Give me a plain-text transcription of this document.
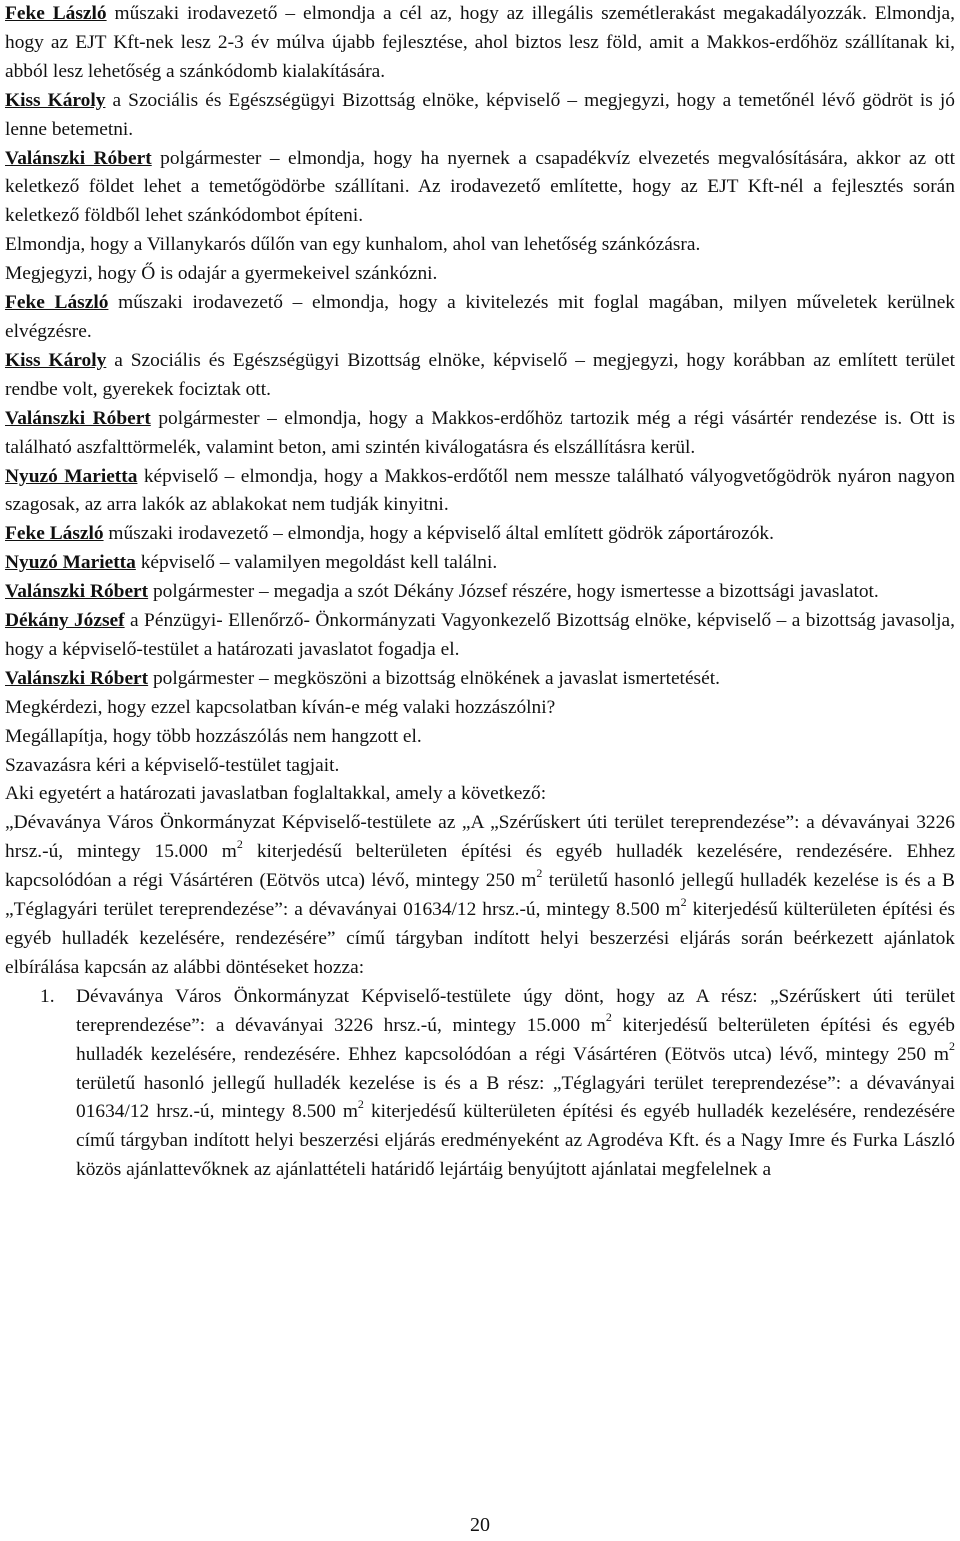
Feke László műszaki irodavezető – elmondja a cél az, hogy az illegális szemétlerakást megakadályozzák. Elmondja, hogy az EJT Kft-nek lesz 2-3 év múlva újabb fejlesztése, ahol biztos lesz föld, amit a Makkos-erdőhöz szállítanak ki, abból lesz lehetőség a szánkódomb kialakítására.

Kiss Károly a Szociális és Egészségügyi Bizottság elnöke, képviselő – megjegyzi, hogy a temetőnél lévő gödröt is jó lenne betemetni.

Valánszki Róbert polgármester – elmondja, hogy ha nyernek a csapadékvíz elvezetés megvalósítására, akkor az ott keletkező földet lehet a temetőgödörbe szállítani. Az irodavezető említette, hogy az EJT Kft-nél a fejlesztés során keletkező földből lehet szánkódombot építeni.

Elmondja, hogy a Villanykarós dűlőn van egy kunhalom, ahol van lehetőség szánkózásra.

Megjegyzi, hogy Ő is odajár a gyermekeivel szánkózni.

Feke László műszaki irodavezető – elmondja, hogy a kivitelezés mit foglal magában, milyen műveletek kerülnek elvégzésre.

Kiss Károly a Szociális és Egészségügyi Bizottság elnöke, képviselő – megjegyzi, hogy korábban az említett terület rendbe volt, gyerekek fociztak ott.

Valánszki Róbert polgármester – elmondja, hogy a Makkos-erdőhöz tartozik még a régi vásártér rendezése is. Ott is található aszfalttörmelék, valamint beton, ami szintén kiválogatásra és elszállításra kerül.

Nyuzó Marietta képviselő – elmondja, hogy a Makkos-erdőtől nem messze található vályogvetőgödrök nyáron nagyon szagosak, az arra lakók az ablakokat nem tudják kinyitni.

Feke László műszaki irodavezető – elmondja, hogy a képviselő által említett gödrök záportározók.

Nyuzó Marietta képviselő – valamilyen megoldást kell találni.

Valánszki Róbert polgármester – megadja a szót Dékány József részére, hogy ismertesse a bizottsági javaslatot.

Dékány József a Pénzügyi- Ellenőrző- Önkormányzati Vagyonkezelő Bizottság elnöke, képviselő – a bizottság javasolja, hogy a képviselő-testület a határozati javaslatot fogadja el.

Valánszki Róbert polgármester – megköszöni a bizottság elnökének a javaslat ismertetését.

Megkérdezi, hogy ezzel kapcsolatban kíván-e még valaki hozzászólni?

Megállapítja, hogy több hozzászólás nem hangzott el.

Szavazásra kéri a képviselő-testület tagjait.

Aki egyetért a határozati javaslatban foglaltakkal, amely a következő:

„Dévaványa Város Önkormányzat Képviselő-testülete az „A „Szérűskert úti terület tereprendezése”: a dévaványai 3226 hrsz.-ú, mintegy 15.000 $m^2$ kiterjedésű belterületen építési és egyéb hulladék kezelésére, rendezésére. Ehhez kapcsolódóan a régi Vásártéren (Eötvös utca) lévő, mintegy 250 $m^2$ területű hasonló jellegű hulladék kezelése is és a B „Téglagyári terület tereprendezése”: a dévaványai 01634/12 hrsz.-ú, mintegy 8.500 $m^2$ kiterjedésű külterületen építési és egyéb hulladék kezelésére, rendezésére” című tárgyban indított helyi beszerzési eljárás során beérkezett ajánlatok elbírálása kapcsán az alábbi döntéseket hozza:

1. Dévaványa Város Önkormányzat Képviselő-testülete úgy dönt, hogy az A rész: „Szérűskert úti terület tereprendezése”: a dévaványai 3226 hrsz.-ú, mintegy 15.000 $m^2$ kiterjedésű belterületen építési és egyéb hulladék kezelésére, rendezésére. Ehhez kapcsolódóan a régi Vásártéren (Eötvös utca) lévő, mintegy 250 $m^2$ területű hasonló jellegű hulladék kezelése is és a B rész: „Téglagyári terület tereprendezése”: a dévaványai 01634/12 hrsz.-ú, mintegy 8.500 $m^2$ kiterjedésű külterületen építési és egyéb hulladék kezelésére, rendezésére című tárgyban indított helyi beszerzési eljárás eredményeként az Agrodéva Kft. és a Nagy Imre és Furka László közös ajánlattevőknek az ajánlattételi határidő lejártáig benyújtott ajánlatai megfelelnek a
20
